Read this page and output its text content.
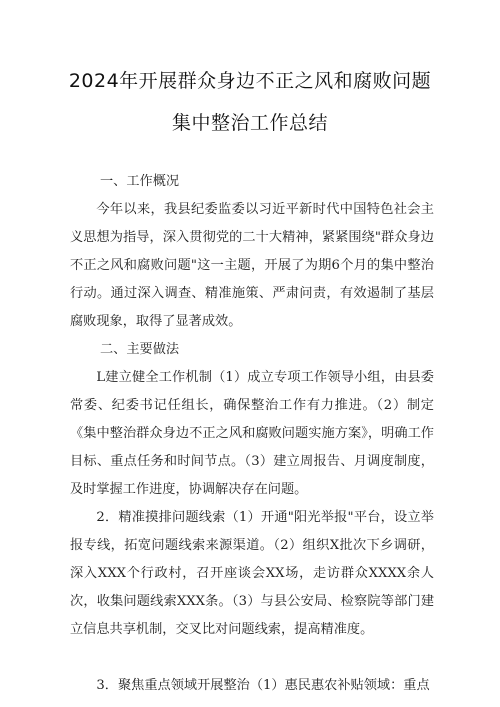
2024年开展群众身边不正之风和腐败问题
集中整治工作总结
一、工作概况

今年以来，我县纪委监委以习近平新时代中国特色社会主义思想为指导，深入贯彻党的二十大精神，紧紧围绕"群众身边不正之风和腐败问题"这一主题，开展了为期6个月的集中整治行动。通过深入调查、精准施策、严肃问责，有效遏制了基层腐败现象，取得了显著成效。

二、主要做法

L建立健全工作机制（1）成立专项工作领导小组，由县委常委、纪委书记任组长，确保整治工作有力推进。（2）制定《集中整治群众身边不正之风和腐败问题实施方案》，明确工作目标、重点任务和时间节点。（3）建立周报告、月调度制度，及时掌握工作进度，协调解决存在问题。

2．精准摸排问题线索（1）开通"阳光举报"平台，设立举报专线，拓宽问题线索来源渠道。（2）组织X批次下乡调研，深入XXX个行政村，召开座谈会XX场，走访群众XXXX余人次，收集问题线索XXX条。（3）与县公安局、检察院等部门建立信息共享机制，交叉比对问题线索，提高精准度。

3．聚焦重点领域开展整治（1）惠民惠农补贴领域：重点
